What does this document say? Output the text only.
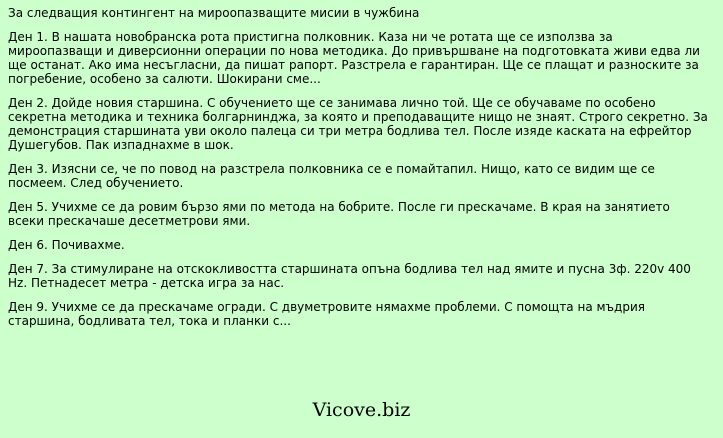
За следващия контингент на мироопазващите мисии в чужбина
Ден 1. В нашата новобранска рота пристигна полковник. Каза ни че ротата ще се използва за мироопазващи и диверсионни операции по нова методика. До привършване на подготовката живи едва ли ще останат. Ако има несъгласни, да пишат рапорт. Разстрела е гарантиран. Ще се плащат и разноските за погребение, особено за салюти. Шокирани сме...
Ден 2. Дойде новия старшина. С обучението ще се занимава лично той. Ще се обучаваме по особено секретна методика и техника болгарнинджа, за която и преподаващите нищо не знаят. Строго секретно. За демонстрация старшината уви около палеца си три метра бодлива тел. После изяде каската на ефрейтор Душегубов. Пак изпаднахме в шок.
Ден 3. Изясни се, че по повод на разстрела полковника се е помайтапил. Нищо, като се видим ще се посмеем. След обучението.
Ден 5. Учихме се да ровим бързо ями по метода на бобрите. После ги прескачаме. В края на занятието всеки прескачаше десетметрови ями.
Ден 6. Почивахме.
Ден 7. За стимулиране на отскокливостта старшината опъна бодлива тел над ямите и пусна 3ф. 220v 400 Hz. Петнадесет метра - детска игра за нас.
Ден 9. Учихме се да прескачаме огради. С двуметровите нямахме проблеми. С помощта на мъдрия старшина, бодливата тел, тока и планки с...
Vicove.biz
